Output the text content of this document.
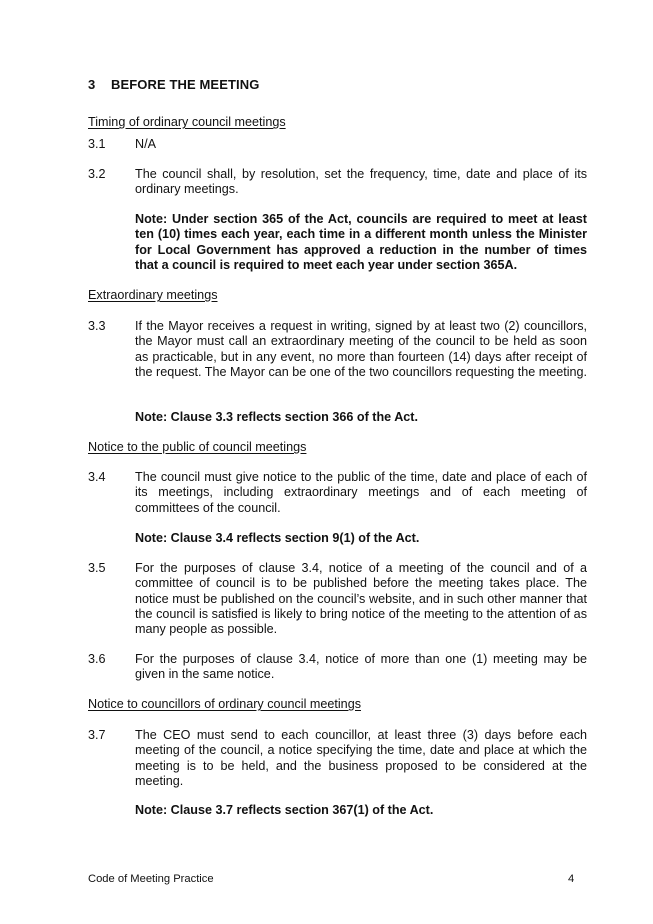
3 BEFORE THE MEETING
Timing of ordinary council meetings
3.1 N/A
3.2 The council shall, by resolution, set the frequency, time, date and place of its ordinary meetings.
Note: Under section 365 of the Act, councils are required to meet at least ten (10) times each year, each time in a different month unless the Minister for Local Government has approved a reduction in the number of times that a council is required to meet each year under section 365A.
Extraordinary meetings
3.3 If the Mayor receives a request in writing, signed by at least two (2) councillors, the Mayor must call an extraordinary meeting of the council to be held as soon as practicable, but in any event, no more than fourteen (14) days after receipt of the request. The Mayor can be one of the two councillors requesting the meeting.
Note: Clause 3.3 reflects section 366 of the Act.
Notice to the public of council meetings
3.4 The council must give notice to the public of the time, date and place of each of its meetings, including extraordinary meetings and of each meeting of committees of the council.
Note: Clause 3.4 reflects section 9(1) of the Act.
3.5 For the purposes of clause 3.4, notice of a meeting of the council and of a committee of council is to be published before the meeting takes place. The notice must be published on the council’s website, and in such other manner that the council is satisfied is likely to bring notice of the meeting to the attention of as many people as possible.
3.6 For the purposes of clause 3.4, notice of more than one (1) meeting may be given in the same notice.
Notice to councillors of ordinary council meetings
3.7 The CEO must send to each councillor, at least three (3) days before each meeting of the council, a notice specifying the time, date and place at which the meeting is to be held, and the business proposed to be considered at the meeting.
Note: Clause 3.7 reflects section 367(1) of the Act.
Code of Meeting Practice	4
